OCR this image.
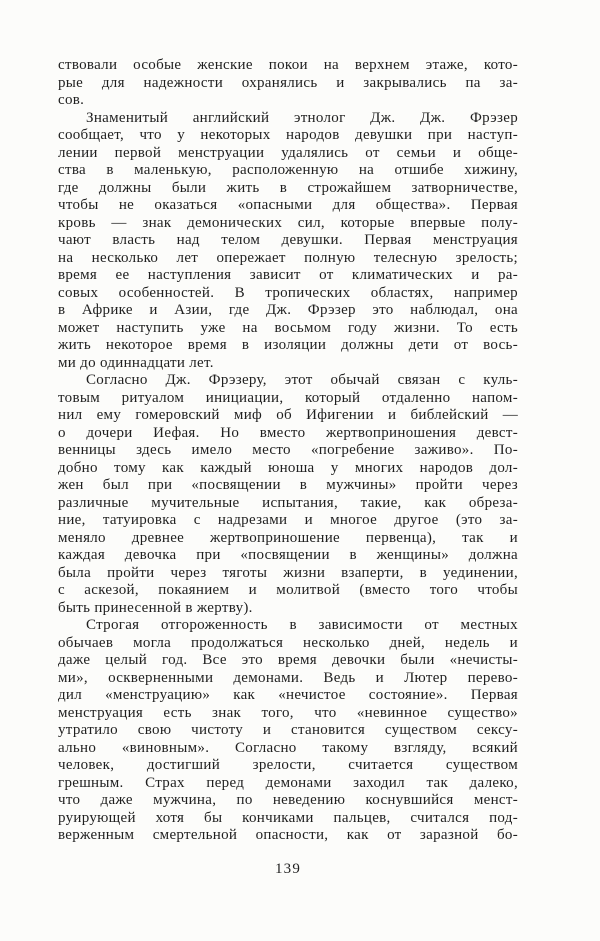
ствовали особые женские покои на верхнем этаже, кото-
рые для надежности охранялись и закрывались па за-
сов.
Знаменитый английский этнолог Дж. Дж. Фрэзер
сообщает, что у некоторых народов девушки при наступ-
лении первой менструации удалялись от семьи и обще-
ства в маленькую, расположенную на отшибе хижину,
где должны были жить в строжайшем затворничестве,
чтобы не оказаться «опасными для общества». Первая
кровь — знак демонических сил, которые впервые полу-
чают власть над телом девушки. Первая менструация
на несколько лет опережает полную телесную зрелость;
время ее наступления зависит от климатических и ра-
совых особенностей. В тропических областях, например
в Африке и Азии, где Дж. Фрэзер это наблюдал, она
может наступить уже на восьмом году жизни. То есть
жить некоторое время в изоляции должны дети от вось-
ми до одиннадцати лет.
Согласно Дж. Фрэзеру, этот обычай связан с куль-
товым ритуалом инициации, который отдаленно напом-
нил ему гомеровский миф об Ифигении и библейский —
о дочери Иефая. Но вместо жертвоприношения девст-
венницы здесь имело место «погребение заживо». По-
добно тому как каждый юноша у многих народов дол-
жен был при «посвящении в мужчины» пройти через
различные мучительные испытания, такие, как обреза-
ние, татуировка с надрезами и многое другое (это за-
меняло древнее жертвоприношение первенца), так и
каждая девочка при «посвящении в женщины» должна
была пройти через тяготы жизни взаперти, в уединении,
с аскезой, покаянием и молитвой (вместо того чтобы
быть принесенной в жертву).
Строгая отгороженность в зависимости от местных
обычаев могла продолжаться несколько дней, недель и
даже целый год. Все это время девочки были «нечисты-
ми», оскверненными демонами. Ведь и Лютер перево-
дил «менструацию» как «нечистое состояние». Первая
менструация есть знак того, что «невинное существо»
утратило свою чистоту и становится существом сексу-
ально «виновным». Согласно такому взгляду, всякий
человек, достигший зрелости, считается существом
грешным. Страх перед демонами заходил так далеко,
что даже мужчина, по неведению коснувшийся менст-
руирующей хотя бы кончиками пальцев, считался под-
верженным смертельной опасности, как от заразной бо-
139
